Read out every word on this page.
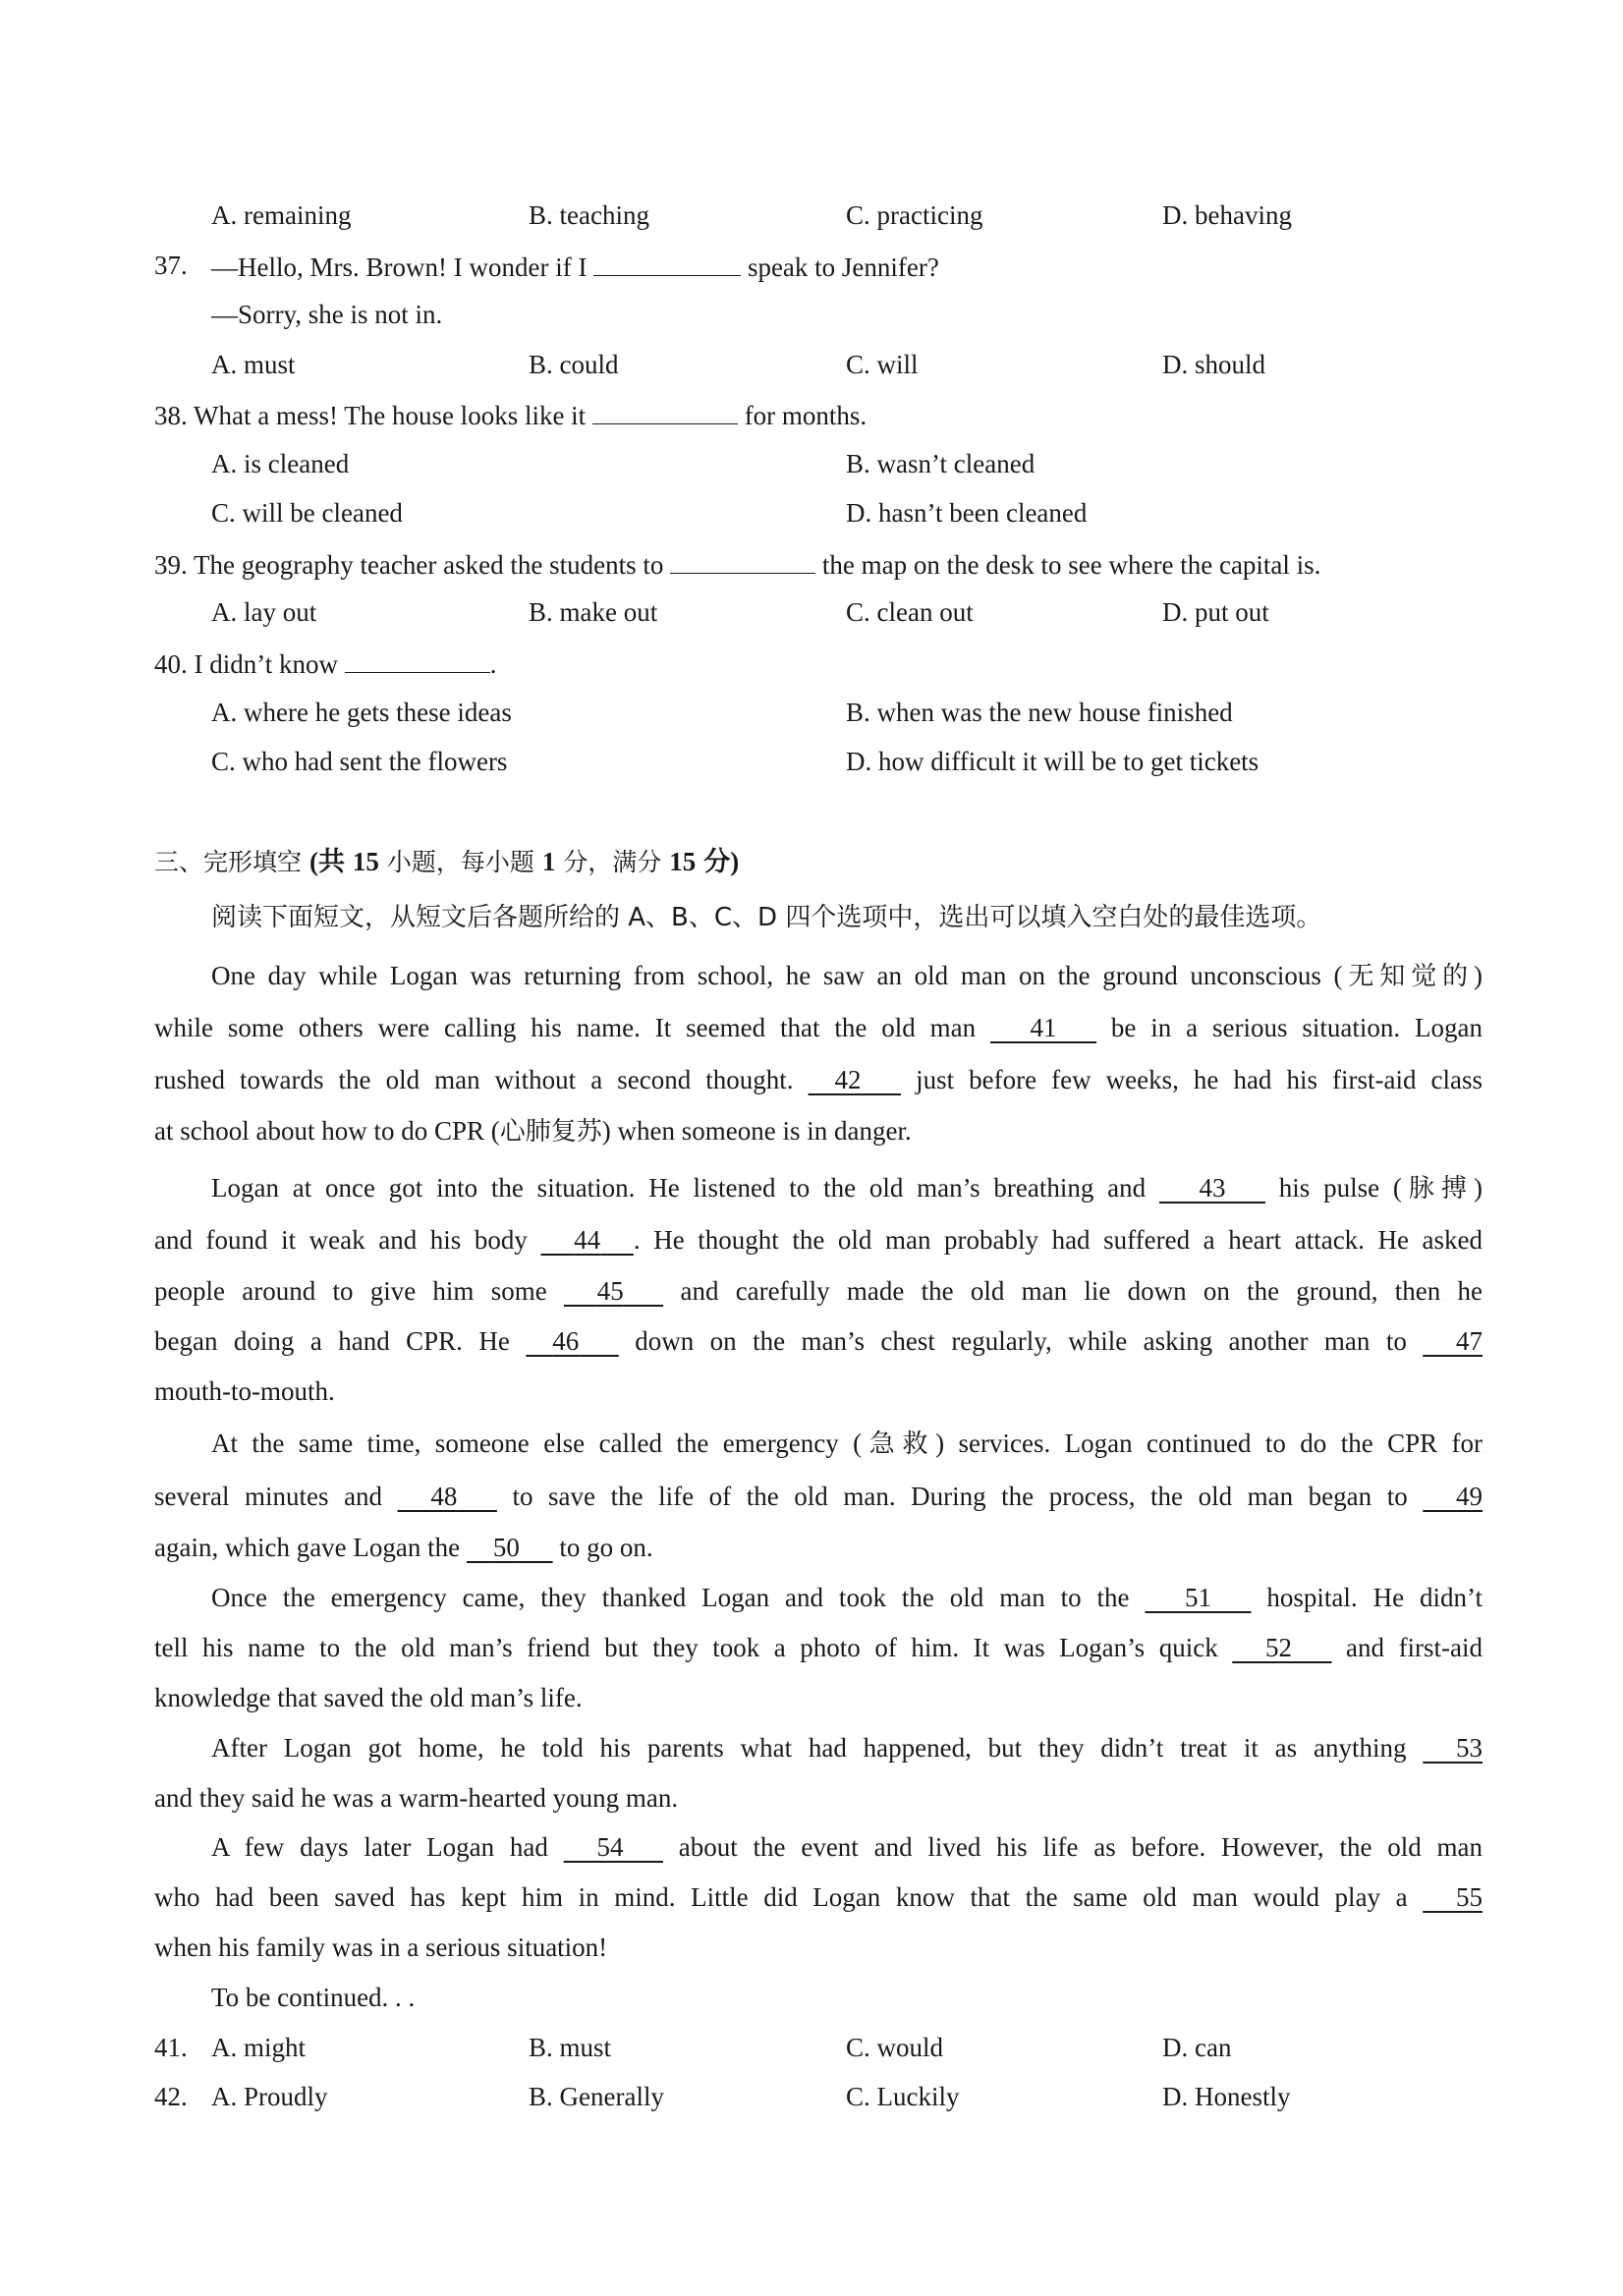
A. remaining	B. teaching	C. practicing	D. behaving
37. —Hello, Mrs. Brown! I wonder if I	speak to Jennifer?
—Sorry, she is not in.
A. must	B. could	C. will	D. should
38. What a mess! The house looks like it	for months.
A. is cleaned	B. wasn’t cleaned
C. will be cleaned	D. hasn’t been cleaned
39. The geography teacher asked the students to	the map on the desk to see where the capital is.
A. lay out	B. make out	C. clean out	D. put out
40. I didn’t know	.
A. where he gets these ideas	B. when was the new house finished
C. who had sent the flowers	D. how difficult it will be to get tickets
三、完形填空 (共 15 小题，每小题 1 分，满分 15 分)
阅读下面短文，从短文后各题所给的 A、B、C、D 四个选项中，选出可以填入空白处的最佳选项。
One day while Logan was returning from school, he saw an old man on the ground unconscious (无知觉的)
while some others were calling his name. It seemed that the old man 41 be in a serious situation. Logan
rushed towards the old man without a second thought. 42 just before few weeks, he had his first-aid class
at school about how to do CPR (心肺复苏) when someone is in danger.
Logan at once got into the situation. He listened to the old man’s breathing and 43 his pulse (脉搏)
and found it weak and his body 44 . He thought the old man probably had suffered a heart attack. He asked
people around to give him some 45 and carefully made the old man lie down on the ground, then he
began doing a hand CPR. He 46 down on the man’s chest regularly, while asking another man to 47
mouth-to-mouth.
At the same time, someone else called the emergency (急救) services. Logan continued to do the CPR for
several minutes and 48 to save the life of the old man. During the process, the old man began to 49
again, which gave Logan the 50 to go on.
Once the emergency came, they thanked Logan and took the old man to the 51 hospital. He didn’t
tell his name to the old man’s friend but they took a photo of him. It was Logan’s quick 52 and first-aid
knowledge that saved the old man’s life.
After Logan got home, he told his parents what had happened, but they didn’t treat it as anything 53
and they said he was a warm-hearted young man.
A few days later Logan had 54 about the event and lived his life as before. However, the old man
who had been saved has kept him in mind. Little did Logan know that the same old man would play a 55
when his family was in a serious situation!
To be continued. . .
41. A. might	B. must	C. would	D. can
42. A. Proudly	B. Generally	C. Luckily	D. Honestly
